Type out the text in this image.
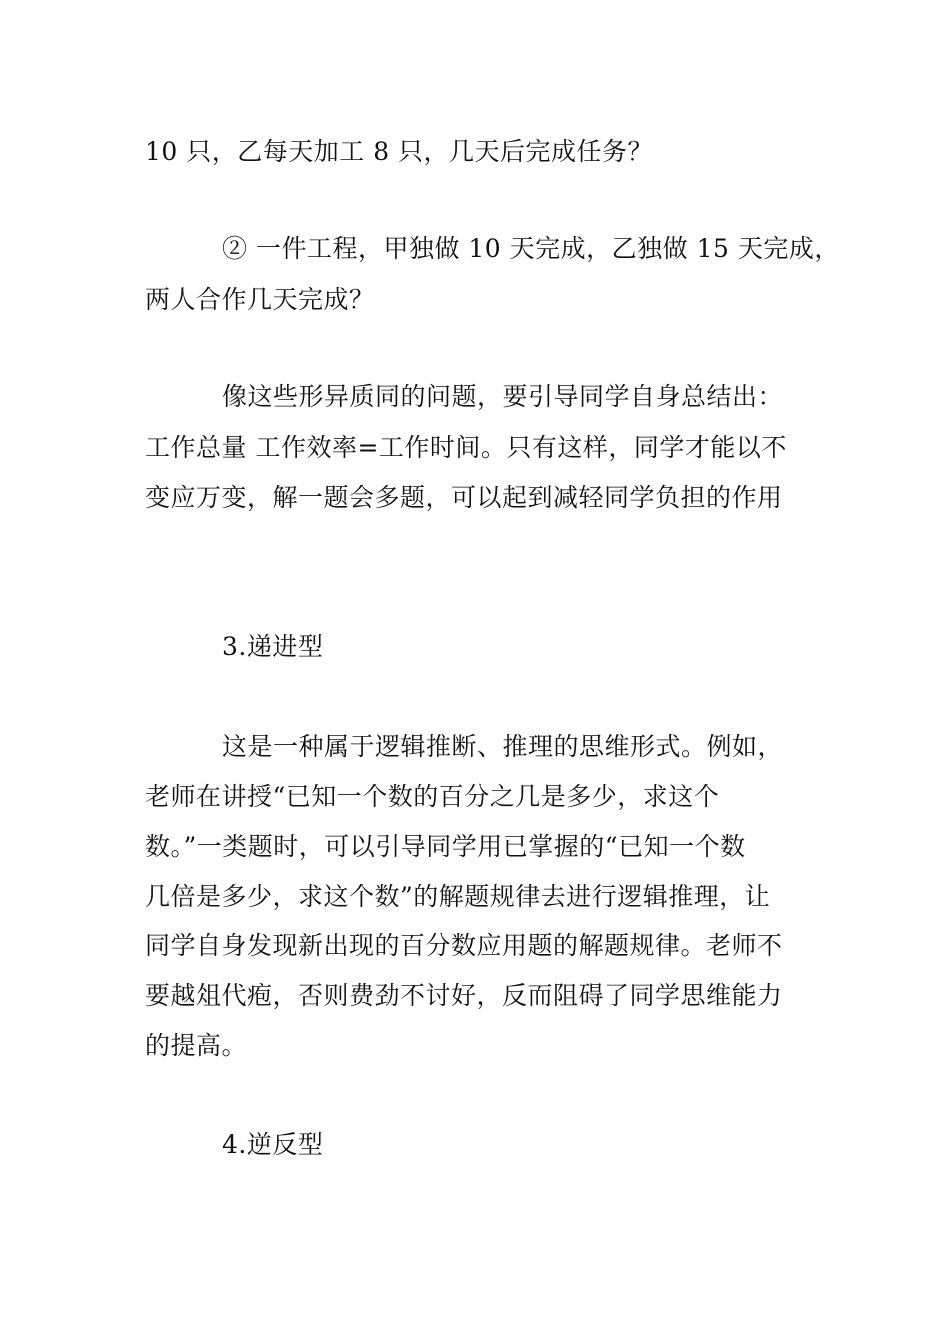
10 只，乙每天加工 8 只，几天后完成任务？
② 一件工程，甲独做 10 天完成，乙独做 15 天完成，
两人合作几天完成？
像这些形异质同的问题，要引导同学自身总结出：
工作总量 工作效率=工作时间。只有这样，同学才能以不
变应万变，解一题会多题，可以起到减轻同学负担的作用
3.递进型
这是一种属于逻辑推断、推理的思维形式。例如，
老师在讲授“已知一个数的百分之几是多少，求这个
数。”一类题时，可以引导同学用已掌握的“已知一个数
几倍是多少，求这个数”的解题规律去进行逻辑推理，让
同学自身发现新出现的百分数应用题的解题规律。老师不
要越俎代疱，否则费劲不讨好，反而阻碍了同学思维能力
的提高。
4.逆反型
